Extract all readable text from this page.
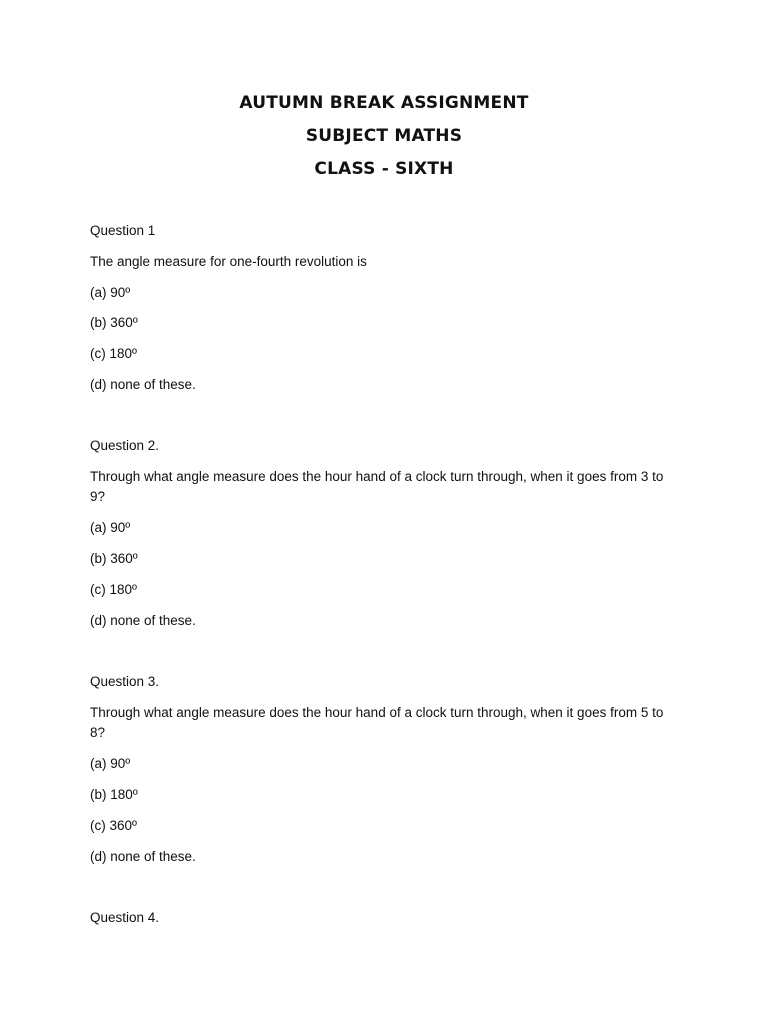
AUTUMN BREAK ASSIGNMENT
SUBJECT MATHS
CLASS - SIXTH
Question 1
The angle measure for one-fourth revolution is
(a) 90º
(b) 360º
(c) 180º
(d) none of these.
Question 2.
Through what angle measure does the hour hand of a clock turn through, when it goes from 3 to 9?
(a) 90º
(b) 360º
(c) 180º
(d) none of these.
Question 3.
Through what angle measure does the hour hand of a clock turn through, when it goes from 5 to 8?
(a) 90º
(b) 180º
(c) 360º
(d) none of these.
Question 4.
